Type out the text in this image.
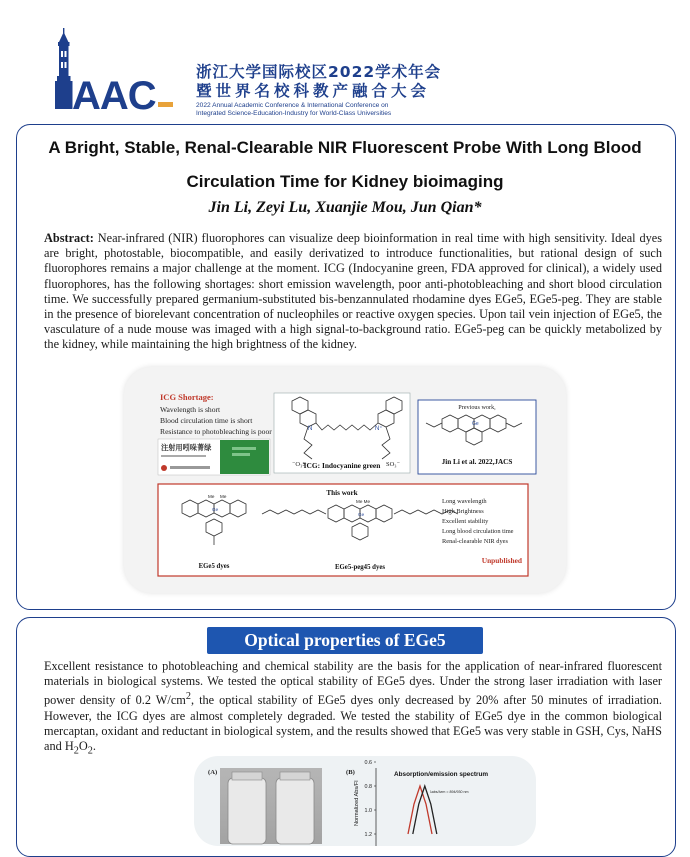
AAC
浙江大学国际校区2022学术年会
暨世界名校科教产融合大会
2022 Annual Academic Conference & International Conference on
Integrated Science-Education-Industry for World-Class Universities
A Bright, Stable, Renal-Clearable NIR Fluorescent Probe With Long Blood
Circulation Time for Kidney bioimaging
Jin Li, Zeyi Lu, Xuanjie Mou, Jun Qian*
Abstract: Near-infrared (NIR) fluorophores can visualize deep bioinformation in real time with high sensitivity. Ideal dyes are bright, photostable, biocompatible, and easily derivatized to introduce functionalities, but rational design of such fluorophores remains a major challenge at the moment. ICG (Indocyanine green, FDA approved for clinical), a widely used fluorophores, has the following shortages: short emission wavelength, poor anti-photobleaching and short blood circulation time. We successfully prepared germanium-substituted bis-benzannulated rhodamine dyes EGe5, EGe5-peg. They are stable in the presence of biorelevant concentration of nucleophiles or reactive oxygen species. Upon tail vein injection of EGe5, the vasculature of a nude mouse was imaged with a high signal-to-background ratio. EGe5-peg can be quickly metabolized by the kidney, while maintaining the high brightness of the kidney.
ICG Shortage:
Wavelength is short
Blood circulation time is short
Resistance to photobleaching is poor
注射用吲哚菁绿
N	N⁺
⁻O₃S	SO₃⁻
ICG: Indocyanine green
Previous work,
Ge
Jin Li et al. 2022,JACS
This work
Me Me
Ge
EGe5 dyes
Me Me
Ge
EGe5-peg45 dyes
Long wavelength
High Brightness
Excellent stability
Long blood circulation time
Renal-clearable NIR dyes
Unpublished
Optical properties of EGe5
Excellent resistance to photobleaching and chemical stability are the basis for the application of near-infrared fluorescent materials in biological systems. We tested the optical stability of EGe5 dyes. Under the strong laser irradiation with laser power density of 0.2 $W/cm^2$, the optical stability of EGe5 dyes only decreased by 20% after 50 minutes of irradiation. However, the ICG dyes are almost completely degraded. We tested the stability of EGe5 dye in the common biological mercaptan, oxidant and reductant in biological system, and the results showed that EGe5 was very stable in GSH, Cys, NaHS and $H_2O_2$.
(A)	(B)	Absorption/emission spectrum
Normalized Abs/FI
0.6
0.8
1.0
1.2
λabs/λem = 894/930 nm
